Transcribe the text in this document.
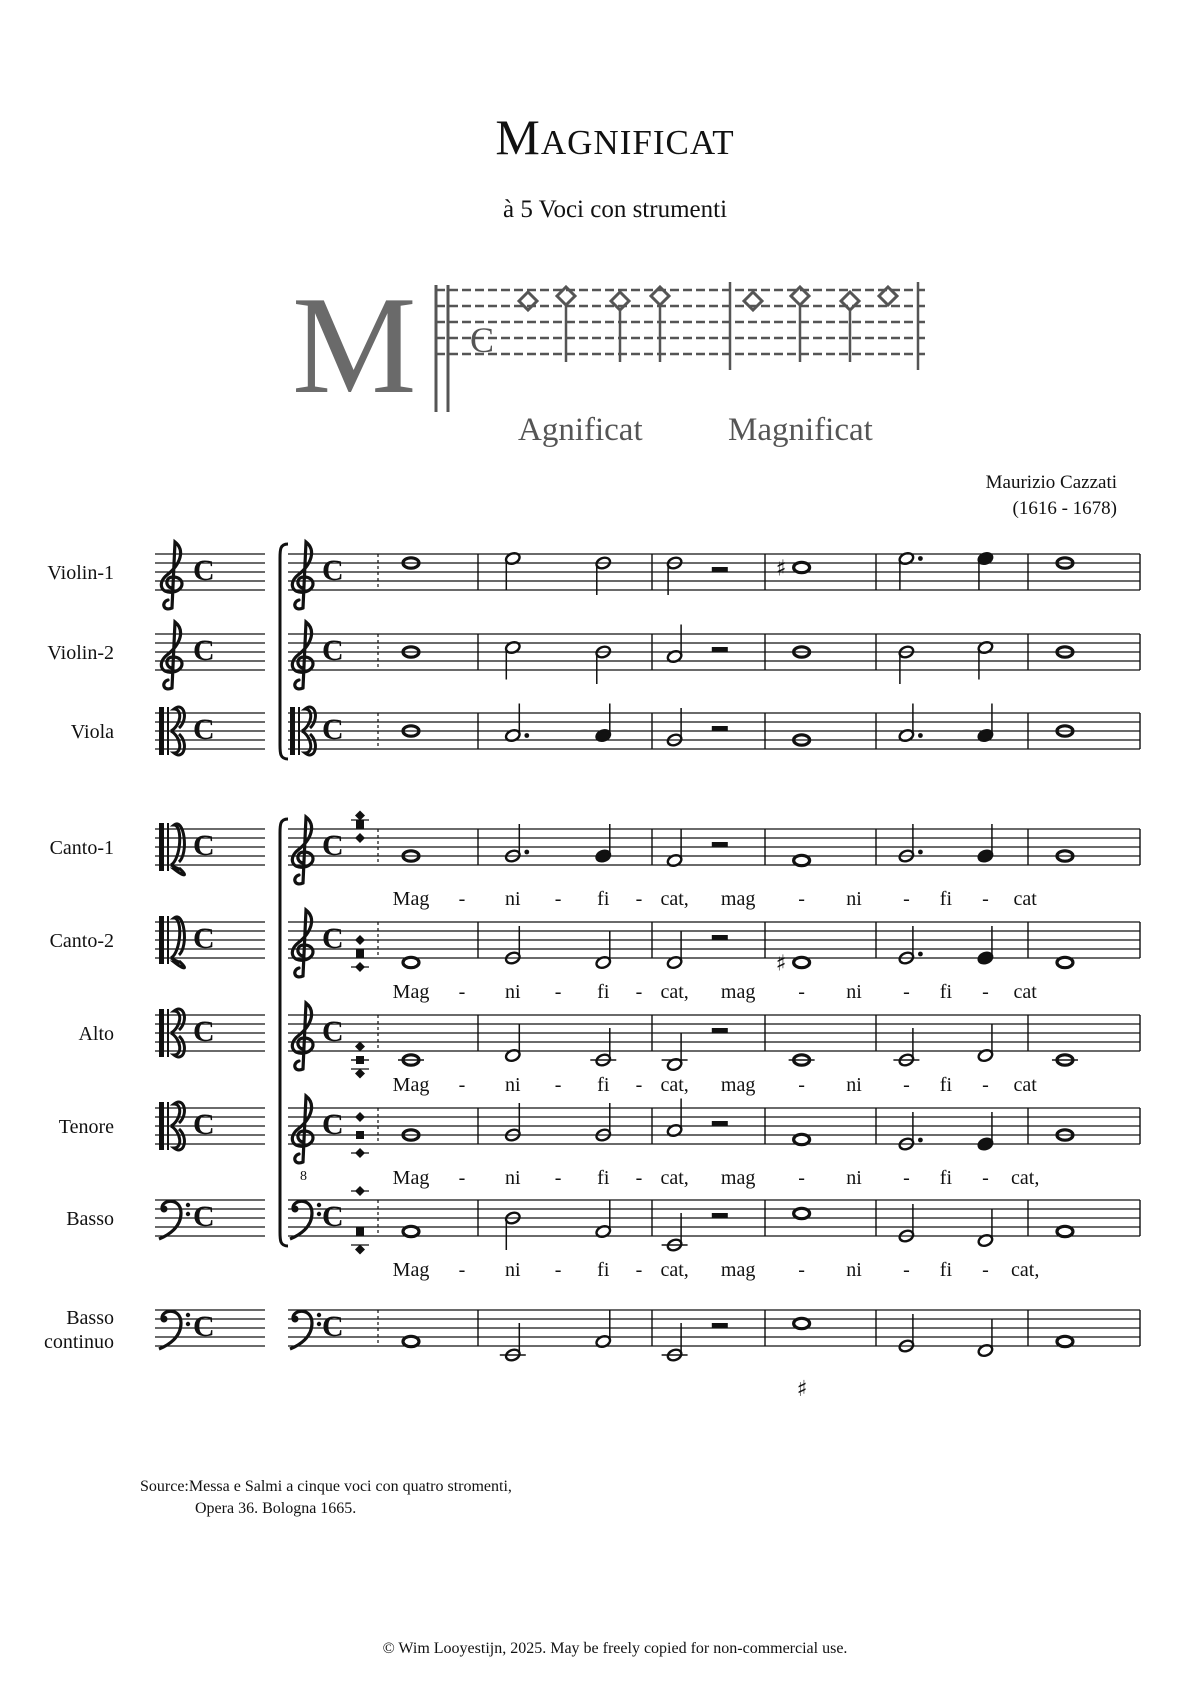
Magnificat
à 5 Voci con strumenti
Maurizio Cazzati
(1616 - 1678)
M C
Agnificat	Magnificat
Violin-1	C	C	♯
Violin-2	C	C
Viola	C	C
Canto-1	C	C
Mag - ni - fi - cat, mag - ni - fi - cat
Canto-2	C	C
♯
Mag - ni - fi - cat, mag - ni - fi - cat
Alto	C	C
Mag - ni - fi - cat, mag - ni - fi - cat
Tenore	C
8
C
Mag - ni - fi - cat, mag - ni - fi - cat,
Basso	C	C
Mag - ni - fi - cat, mag - ni - fi - cat,
Basso
continuo	C	C
♯
Source:Messa e Salmi a cinque voci con quatro stromenti,
Opera 36. Bologna 1665.
© Wim Looyestijn, 2025. May be freely copied for non-commercial use.
